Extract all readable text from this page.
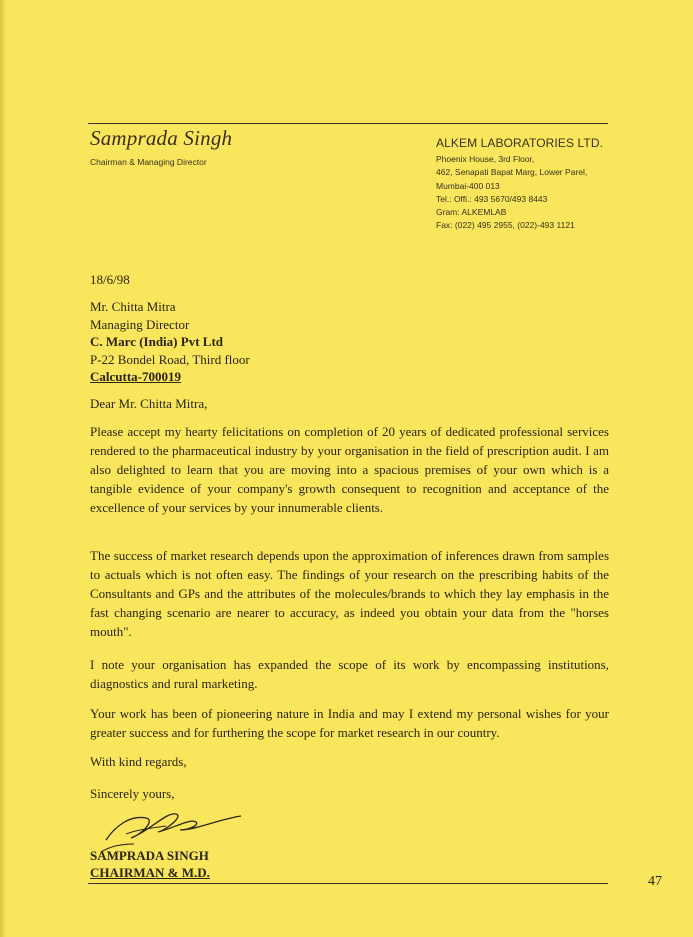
Samprada Singh
Chairman & Managing Director
ALKEM LABORATORIES LTD.
Phoenix House, 3rd Floor,
462, Senapati Bapat Marg, Lower Parel,
Mumbai-400 013
Tel.: Offi.: 493 5670/493 8443
Gram: ALKEMLAB
Fax: (022) 495 2955, (022)-493 1121
18/6/98
Mr. Chitta Mitra
Managing Director
C. Marc (India) Pvt Ltd
P-22 Bondel Road, Third floor
Calcutta-700019
Dear Mr. Chitta Mitra,

Please accept my hearty felicitations on completion of 20 years of dedicated professional services rendered to the pharmaceutical industry by your organisation in the field of prescription audit. I am also delighted to learn that you are moving into a spacious premises of your own which is a tangible evidence of your company's growth consequent to recognition and acceptance of the excellence of your services by your innumerable clients.

The success of market research depends upon the approximation of inferences drawn from samples to actuals which is not often easy. The findings of your research on the prescribing habits of the Consultants and GPs and the attributes of the molecules/brands to which they lay emphasis in the fast changing scenario are nearer to accuracy, as indeed you obtain your data from the "horses mouth".

I note your organisation has expanded the scope of its work by encompassing institutions, diagnostics and rural marketing.

Your work has been of pioneering nature in India and may I extend my personal wishes for your greater success and for furthering the scope for market research in our country.

With kind regards,
Sincerely yours,
SAMPRADA SINGH
CHAIRMAN & M.D.
47
